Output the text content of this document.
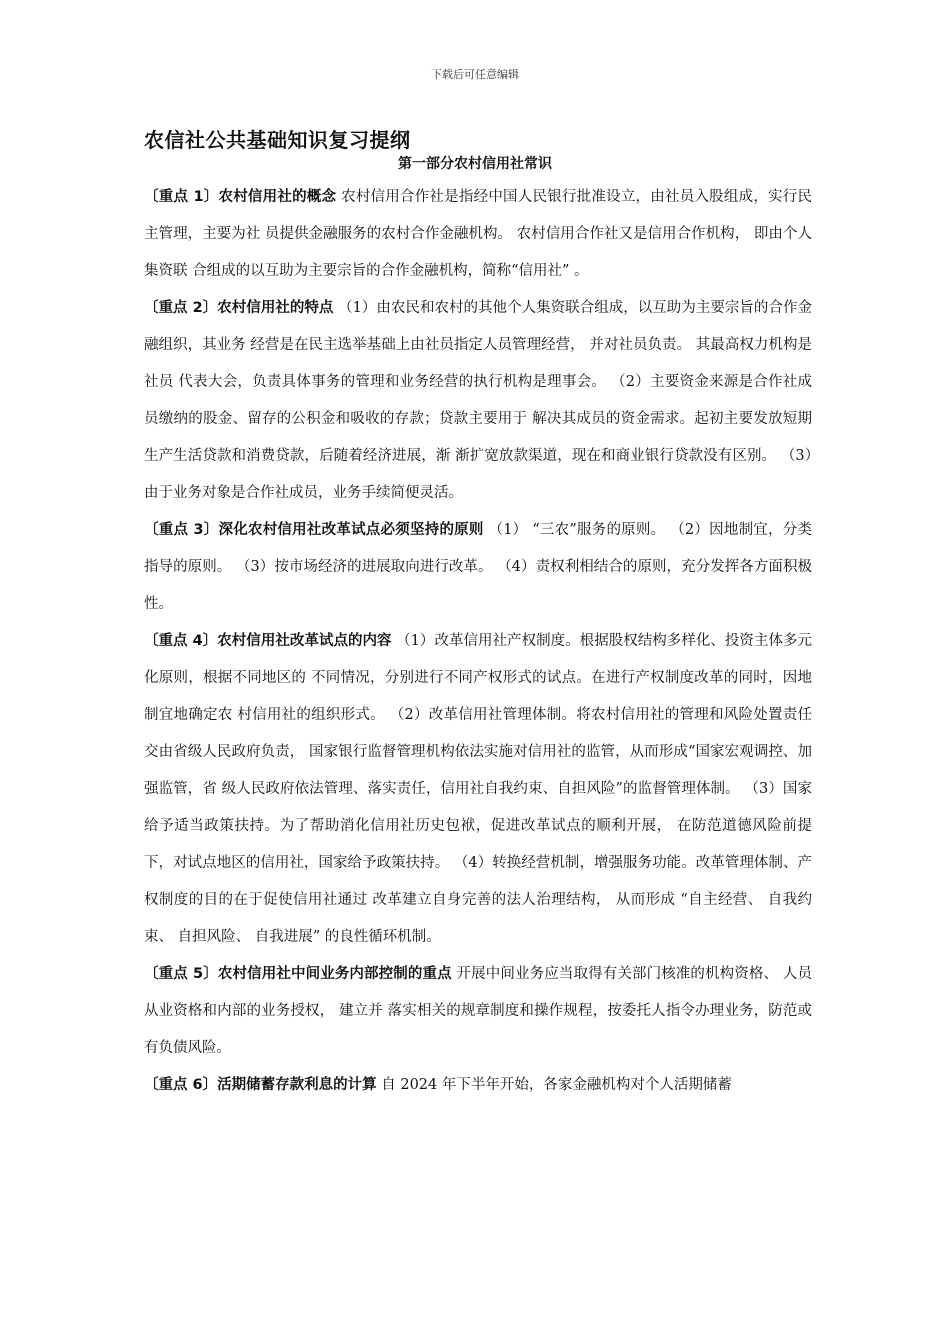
下载后可任意编辑
农信社公共基础知识复习提纲
第一部分农村信用社常识

〔重点 1〕农村信用社的概念 农村信用合作社是指经中国人民银行批准设立，由社员入股组成，实行民主管理，主要为社 员提供金融服务的农村合作金融机构。 农村信用合作社又是信用合作机构， 即由个人集资联 合组成的以互助为主要宗旨的合作金融机构，简称“信用社” 。

〔重点 2〕农村信用社的特点 （1）由农民和农村的其他个人集资联合组成，以互助为主要宗旨的合作金融组织，其业务 经营是在民主选举基础上由社员指定人员管理经营， 并对社员负责。 其最高权力机构是社员 代表大会，负责具体事务的管理和业务经营的执行机构是理事会。 （2）主要资金来源是合作社成员缴纳的股金、留存的公积金和吸收的存款；贷款主要用于 解决其成员的资金需求。起初主要发放短期生产生活贷款和消费贷款，后随着经济进展，渐 渐扩宽放款渠道，现在和商业银行贷款没有区别。 （3）由于业务对象是合作社成员，业务手续简便灵活。

〔重点 3〕深化农村信用社改革试点必须坚持的原则 （1） “三农”服务的原则。 （2）因地制宜，分类指导的原则。 （3）按市场经济的进展取向进行改革。 （4）责权利相结合的原则，充分发挥各方面积极性。

〔重点 4〕农村信用社改革试点的内容 （1）改革信用社产权制度。根据股权结构多样化、投资主体多元化原则，根据不同地区的 不同情况，分别进行不同产权形式的试点。在进行产权制度改革的同时，因地制宜地确定农 村信用社的组织形式。 （2）改革信用社管理体制。将农村信用社的管理和风险处置责任交由省级人民政府负责， 国家银行监督管理机构依法实施对信用社的监管，从而形成“国家宏观调控、加强监管，省 级人民政府依法管理、落实责任，信用社自我约束、自担风险”的监督管理体制。 （3）国家给予适当政策扶持。为了帮助消化信用社历史包袱，促进改革试点的顺利开展， 在防范道德风险前提下，对试点地区的信用社，国家给予政策扶持。 （4）转换经营机制，增强服务功能。改革管理体制、产权制度的目的在于促使信用社通过 改革建立自身完善的法人治理结构， 从而形成 “自主经营、 自我约束、 自担风险、 自我进展” 的良性循环机制。

〔重点 5〕农村信用社中间业务内部控制的重点 开展中间业务应当取得有关部门核准的机构资格、 人员从业资格和内部的业务授权， 建立并 落实相关的规章制度和操作规程，按委托人指令办理业务，防范或有负债风险。

〔重点 6〕活期储蓄存款利息的计算 自 2024 年下半年开始，各家金融机构对个人活期储蓄
